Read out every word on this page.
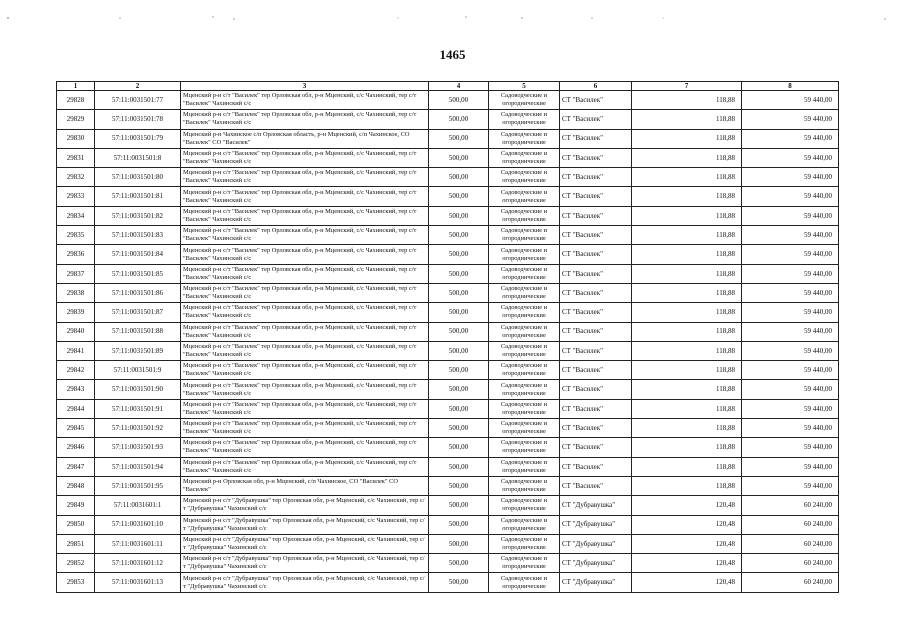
1465
1	2	3	4	5	6	7	8
29828	57:11:0031501:77	Мценский р-н с/т "Василек" тер Орловская обл, р-н Мценский, с/с Чахинский, тер с/т "Василек" Чахинский с/с	500,00	Садоводческие и огороднические	СТ "Василек"	118,88	59 440,00
29829	57:11:0031501:78	Мценский р-н с/т "Василек" тер Орловская обл, р-н Мценский, с/с Чахинский, тер с/т "Василек" Чахинский с/с	500,00	Садоводческие и огороднические	СТ "Василек"	118,88	59 440,00
29830	57:11:0031501:79	Мценский р-н Чахинское с/п Орловская область, р-н Мценский, с/п Чахинское, СО "Василек" СО "Василек"	500,00	Садоводческие и огороднические	СТ "Василек"	118,88	59 440,00
29831	57:11:0031501:8	Мценский р-н с/т "Василек" тер Орловская обл, р-н Мценский, с/с Чахинский, тер с/т "Василек" Чахинский с/с	500,00	Садоводческие и огороднические	СТ "Василек"	118,88	59 440,00
29832	57:11:0031501:80	Мценский р-н с/т "Василек" тер Орловская обл, р-н Мценский, с/с Чахинский, тер с/т "Василек" Чахинский с/с	500,00	Садоводческие и огороднические	СТ "Василек"	118,88	59 440,00
29833	57:11:0031501:81	Мценский р-н с/т "Василек" тер Орловская обл, р-н Мценский, с/с Чахинский, тер с/т "Василек" Чахинский с/с	500,00	Садоводческие и огороднические	СТ "Василек"	118,88	59 440,00
29834	57:11:0031501:82	Мценский р-н с/т "Василек" тер Орловская обл, р-н Мценский, с/с Чахинский, тер с/т "Василек" Чахинский с/с	500,00	Садоводческие и огороднические	СТ "Василек"	118,88	59 440,00
29835	57:11:0031501:83	Мценский р-н с/т "Василек" тер Орловская обл, р-н Мценский, с/с Чахинский, тер с/т "Василек" Чахинский с/с	500,00	Садоводческие и огороднические	СТ "Василек"	118,88	59 440,00
29836	57:11:0031501:84	Мценский р-н с/т "Василек" тер Орловская обл, р-н Мценский, с/с Чахинский, тер с/т "Василек" Чахинский с/с	500,00	Садоводческие и огороднические	СТ "Василек"	118,88	59 440,00
29837	57:11:0031501:85	Мценский р-н с/т "Василек" тер Орловская обл, р-н Мценский, с/с Чахинский, тер с/т "Василек" Чахинский с/с	500,00	Садоводческие и огороднические	СТ "Василек"	118,88	59 440,00
29838	57:11:0031501:86	Мценский р-н с/т "Василек" тер Орловская обл, р-н Мценский, с/с Чахинский, тер с/т "Василек" Чахинский с/с	500,00	Садоводческие и огороднические	СТ "Василек"	118,88	59 440,00
29839	57:11:0031501:87	Мценский р-н с/т "Василек" тер Орловская обл, р-н Мценский, с/с Чахинский, тер с/т "Василек" Чахинский с/с	500,00	Садоводческие и огороднические	СТ "Василек"	118,88	59 440,00
29840	57:11:0031501:88	Мценский р-н с/т "Василек" тер Орловская обл, р-н Мценский, с/с Чахинский, тер с/т "Василек" Чахинский с/с	500,00	Садоводческие и огороднические	СТ "Василек"	118,88	59 440,00
29841	57:11:0031501:89	Мценский р-н с/т "Василек" тер Орловская обл, р-н Мценский, с/с Чахинский, тер с/т "Василек" Чахинский с/с	500,00	Садоводческие и огороднические	СТ "Василек"	118,88	59 440,00
29842	57:11:0031501:9	Мценский р-н с/т "Василек" тер Орловская обл, р-н Мценский, с/с Чахинский, тер с/т "Василек" Чахинский с/с	500,00	Садоводческие и огороднические	СТ "Василек"	118,88	59 440,00
29843	57:11:0031501:90	Мценский р-н с/т "Василек" тер Орловская обл, р-н Мценский, с/с Чахинский, тер с/т "Василек" Чахинский с/с	500,00	Садоводческие и огороднические	СТ "Василек"	118,88	59 440,00
29844	57:11:0031501:91	Мценский р-н с/т "Василек" тер Орловская обл, р-н Мценский, с/с Чахинский, тер с/т "Василек" Чахинский с/с	500,00	Садоводческие и огороднические	СТ "Василек"	118,88	59 440,00
29845	57:11:0031501:92	Мценский р-н с/т "Василек" тер Орловская обл, р-н Мценский, с/с Чахинский, тер с/т "Василек" Чахинский с/с	500,00	Садоводческие и огороднические	СТ "Василек"	118,88	59 440,00
29846	57:11:0031501:93	Мценский р-н с/т "Василек" тер Орловская обл, р-н Мценский, с/с Чахинский, тер с/т "Василек" Чахинский с/с	500,00	Садоводческие и огороднические	СТ "Василек"	118,88	59 440,00
29847	57:11:0031501:94	Мценский р-н с/т "Василек" тер Орловская обл, р-н Мценский, с/с Чахинский, тер с/т "Василек" Чахинский с/с	500,00	Садоводческие и огороднические	СТ "Василек"	118,88	59 440,00
29848	57:11:0031501:95	Мценский р-н Орловская обл, р-н Мценский, с/п Чахинское, СО "Василек" СО "Василек"	500,00	Садоводческие и огороднические	СТ "Василек"	118,88	59 440,00
29849	57:11:0031601:1	Мценский р-н с/т "Дубравушка" тер Орловская обл, р-н Мценский, с/с Чахинский, тер с/т "Дубравушка" Чахинский с/с	500,00	Садоводческие и огороднические	СТ "Дубравушка"	120,48	60 240,00
29850	57:11:0031601:10	Мценский р-н с/т "Дубравушка" тер Орловская обл, р-н Мценский, с/с Чахинский, тер с/т "Дубравушка" Чахинский с/с	500,00	Садоводческие и огороднические	СТ "Дубравушка"	120,48	60 240,00
29851	57:11:0031601:11	Мценский р-н с/т "Дубравушка" тер Орловская обл, р-н Мценский, с/с Чахинский, тер с/т "Дубравушка" Чахинский с/с	500,00	Садоводческие и огороднические	СТ "Дубравушка"	120,48	60 240,00
29852	57:11:0031601:12	Мценский р-н с/т "Дубравушка" тер Орловская обл, р-н Мценский, с/с Чахинский, тер с/т "Дубравушка" Чахинский с/с	500,00	Садоводческие и огороднические	СТ "Дубравушка"	120,48	60 240,00
29853	57:11:0031601:13	Мценский р-н с/т "Дубравушка" тер Орловская обл, р-н Мценский, с/с Чахинский, тер с/т "Дубравушка" Чахинский с/с	500,00	Садоводческие и огороднические	СТ "Дубравушка"	120,48	60 240,00
